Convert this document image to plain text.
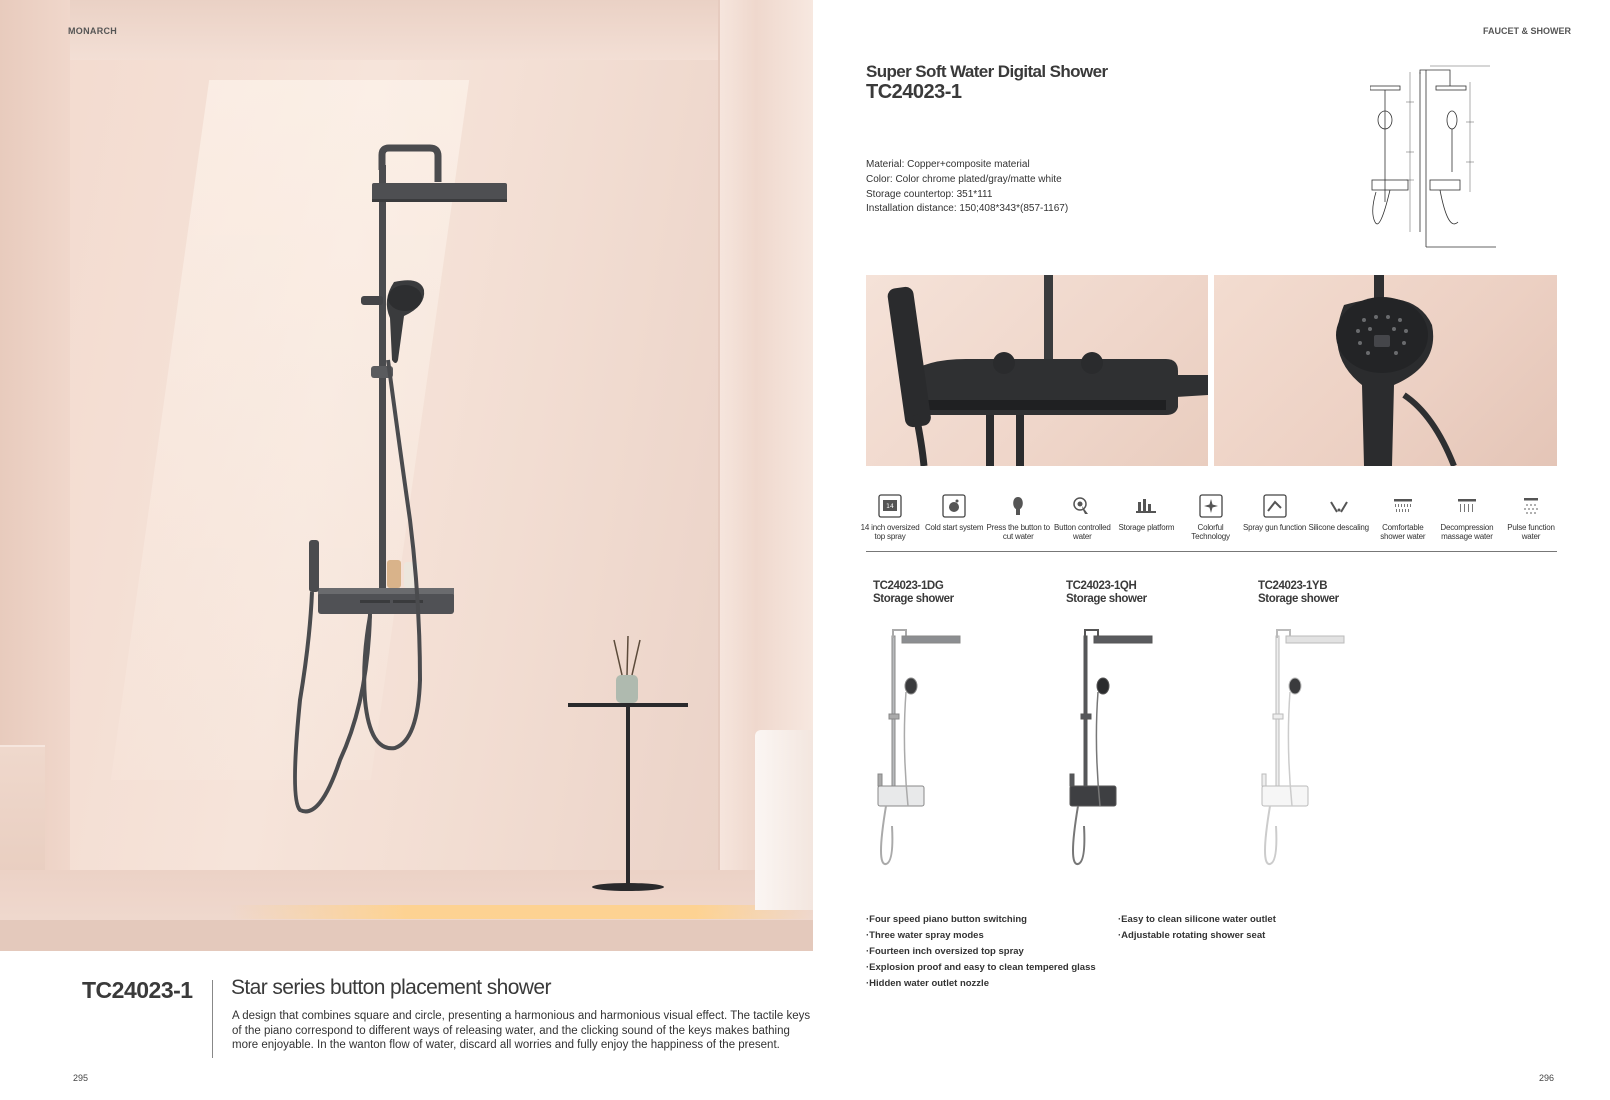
MONARCH
TC24023-1 Star series button placement shower
A design that combines square and circle, presenting a harmonious and harmonious visual effect. The tactile keys of the piano correspond to different ways of releasing water, and the clicking sound of the keys makes bathing more enjoyable. In the wanton flow of water, discard all worries and fully enjoy the happiness of the present.
295
FAUCET & SHOWER
Super Soft Water Digital Shower
TC24023-1
Material: Copper+composite material
Color: Color chrome plated/gray/matte white
Storage countertop: 351*111
Installation distance: 150;408*343*(857-1167)
14
14 inch oversized top spray
Cold start system Press the button to cut water
Button controlled water
Storage platform	Colorful Technology
Spray gun function Silicone descaling	Comfortable shower water
Decompression massage water
Pulse function water
TC24023-1DG
Storage shower
TC24023-1QH
Storage shower
TC24023-1YB
Storage shower
·Four speed piano button switching
·Three water spray modes
·Fourteen inch oversized top spray
·Explosion proof and easy to clean tempered glass
·Hidden water outlet nozzle
·Easy to clean silicone water outlet
·Adjustable rotating shower seat
296
